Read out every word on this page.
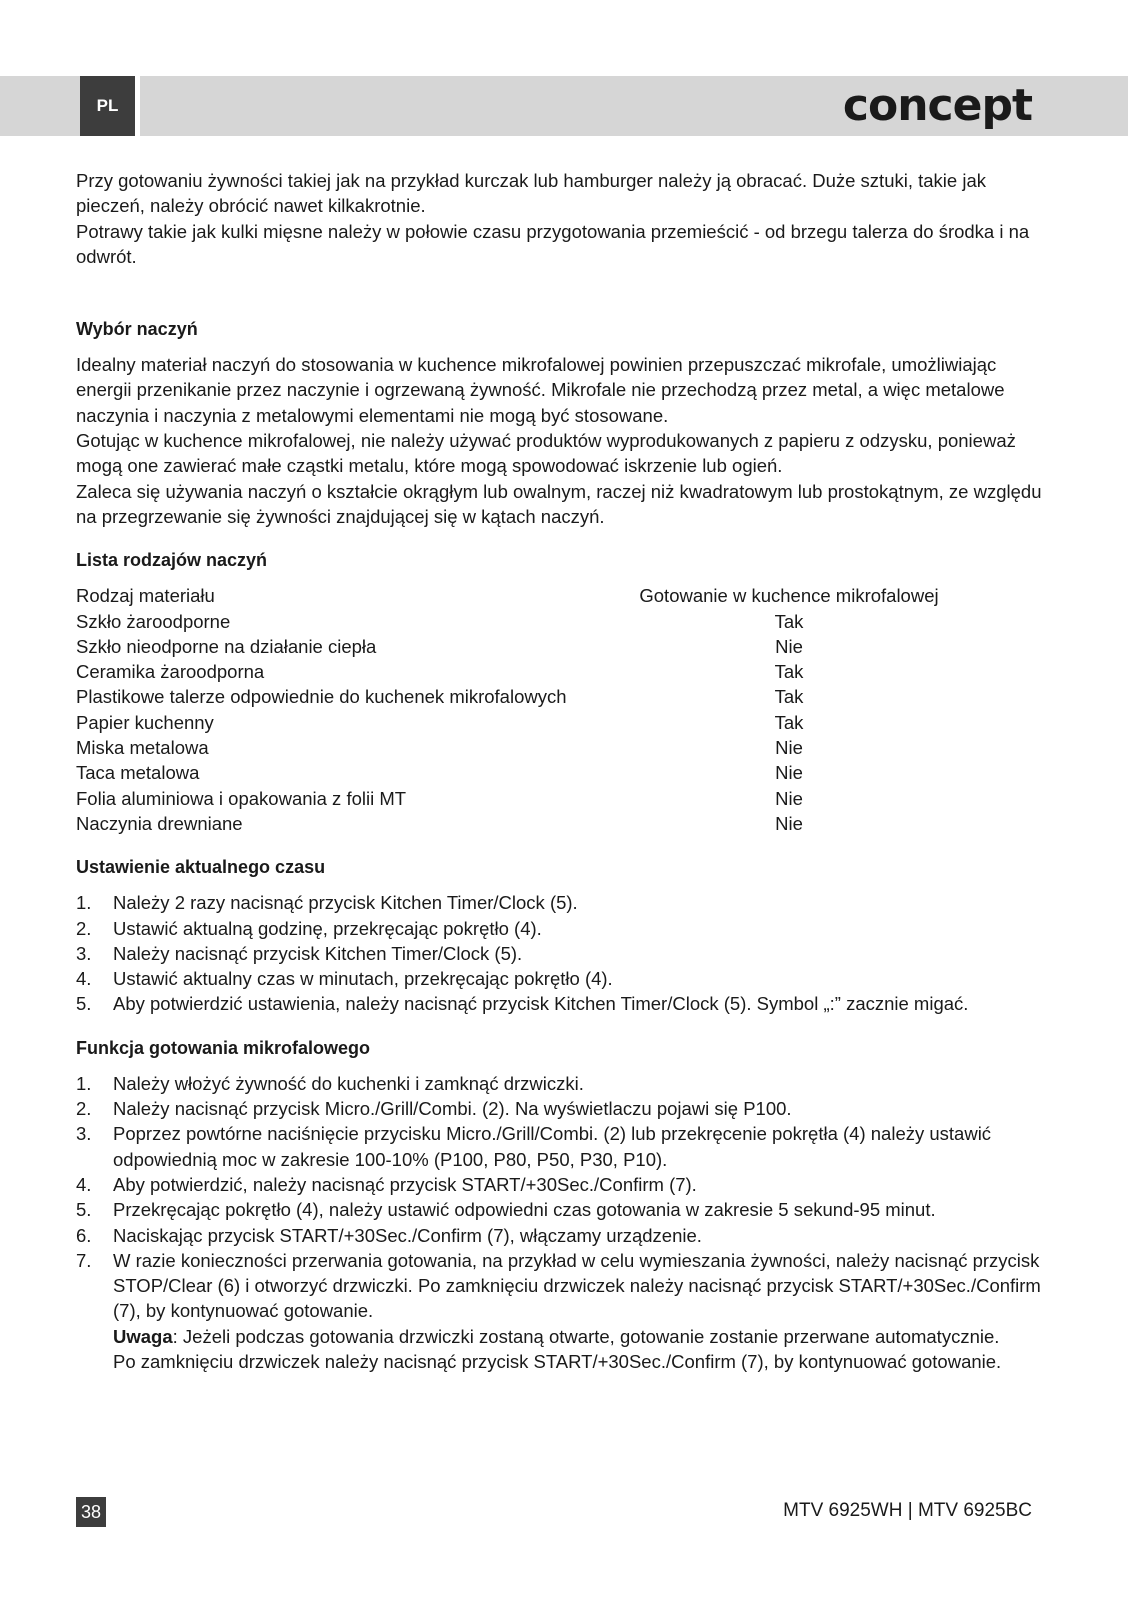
PL	concept

Przy gotowaniu żywności takiej jak na przykład kurczak lub hamburger należy ją obracać. Duże sztuki, takie jak pieczeń, należy obrócić nawet kilkakrotnie.

Potrawy takie jak kulki mięsne należy w połowie czasu przygotowania przemieścić - od brzegu talerza do środka i na odwrót.

Wybór naczyń

Idealny materiał naczyń do stosowania w kuchence mikrofalowej powinien przepuszczać mikrofale, umożliwiając energii przenikanie przez naczynie i ogrzewaną żywność. Mikrofale nie przechodzą przez metal, a więc metalowe naczynia i naczynia z metalowymi elementami nie mogą być stosowane.

Gotując w kuchence mikrofalowej, nie należy używać produktów wyprodukowanych z papieru z odzysku, ponieważ mogą one zawierać małe cząstki metalu, które mogą spowodować iskrzenie lub ogień.

Zaleca się używania naczyń o kształcie okrągłym lub owalnym, raczej niż kwadratowym lub prostokątnym, ze względu na przegrzewanie się żywności znajdującej się w kątach naczyń.

Lista rodzajów naczyń
Rodzaj materiału	Gotowanie w kuchence mikrofalowej
Szkło żaroodporne	Tak
Szkło nieodporne na działanie ciepła	Nie
Ceramika żaroodporna	Tak
Plastikowe talerze odpowiednie do kuchenek mikrofalowych	Tak
Papier kuchenny	Tak
Miska metalowa	Nie
Taca metalowa	Nie
Folia aluminiowa i opakowania z folii MT	Nie
Naczynia drewniane	Nie
Ustawienie aktualnego czasu
1. Należy 2 razy nacisnąć przycisk Kitchen Timer/Clock (5).
2. Ustawić aktualną godzinę, przekręcając pokrętło (4).
3. Należy nacisnąć przycisk Kitchen Timer/Clock (5).
4. Ustawić aktualny czas w minutach, przekręcając pokrętło (4).
5. Aby potwierdzić ustawienia, należy nacisnąć przycisk Kitchen Timer/Clock (5). Symbol „:” zacznie migać.
Funkcja gotowania mikrofalowego
1. Należy włożyć żywność do kuchenki i zamknąć drzwiczki.
2. Należy nacisnąć przycisk Micro./Grill/Combi. (2). Na wyświetlaczu pojawi się P100.
3. Poprzez powtórne naciśnięcie przycisku Micro./Grill/Combi. (2) lub przekręcenie pokrętła (4) należy ustawić odpowiednią moc w zakresie 100-10% (P100, P80, P50, P30, P10).
4. Aby potwierdzić, należy nacisnąć przycisk START/+30Sec./Confirm (7).
5. Przekręcając pokrętło (4), należy ustawić odpowiedni czas gotowania w zakresie 5 sekund-95 minut.
6. Naciskając przycisk START/+30Sec./Confirm (7), włączamy urządzenie.
7. W razie konieczności przerwania gotowania, na przykład w celu wymieszania żywności, należy nacisnąć przycisk STOP/Clear (6) i otworzyć drzwiczki. Po zamknięciu drzwiczek należy nacisnąć przycisk START/+30Sec./Confirm (7), by kontynuować gotowanie.
Uwaga: Jeżeli podczas gotowania drzwiczki zostaną otwarte, gotowanie zostanie przerwane automatycznie.
Po zamknięciu drzwiczek należy nacisnąć przycisk START/+30Sec./Confirm (7), by kontynuować gotowanie.
38	MTV 6925WH | MTV 6925BC
